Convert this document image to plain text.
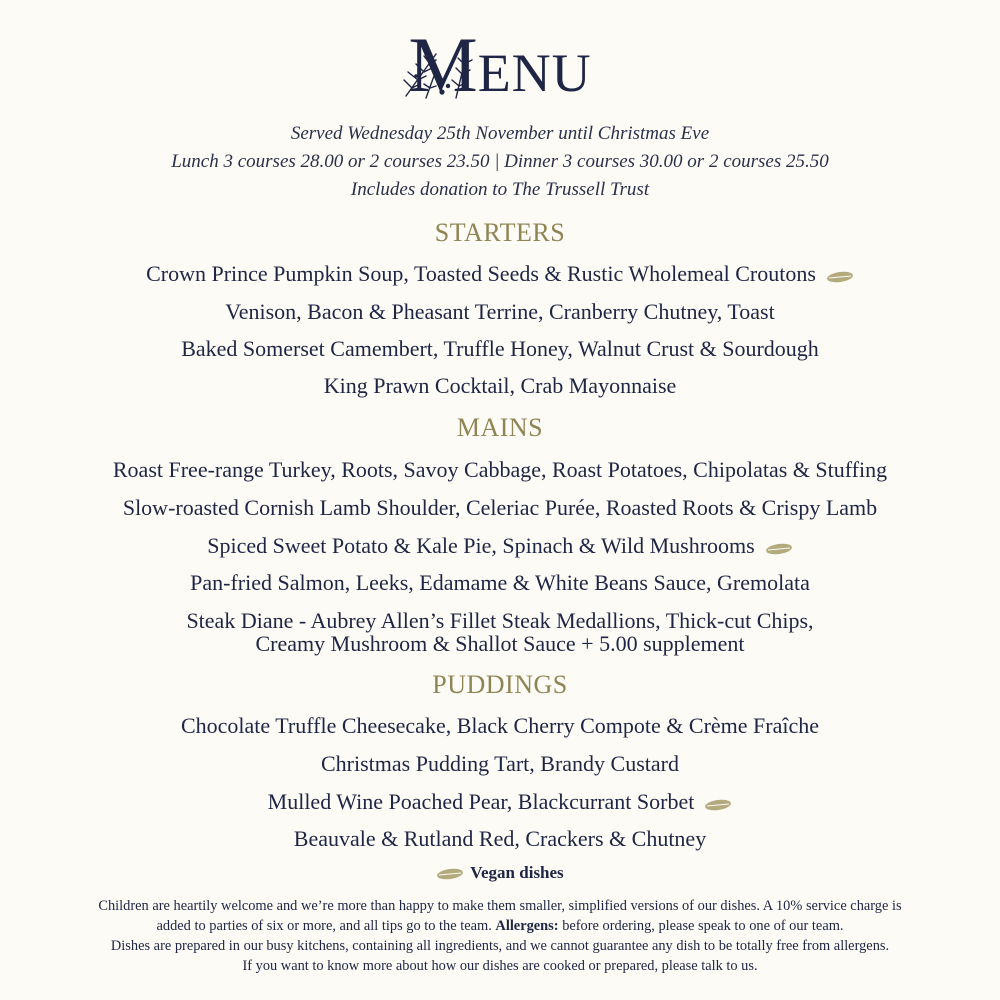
MENU
Served Wednesday 25th November until Christmas Eve
Lunch 3 courses 28.00 or 2 courses 23.50 | Dinner 3 courses 30.00 or 2 courses 25.50
Includes donation to The Trussell Trust
STARTERS
Crown Prince Pumpkin Soup, Toasted Seeds & Rustic Wholemeal Croutons
Venison, Bacon & Pheasant Terrine, Cranberry Chutney, Toast
Baked Somerset Camembert, Truffle Honey, Walnut Crust & Sourdough
King Prawn Cocktail, Crab Mayonnaise
MAINS
Roast Free-range Turkey, Roots, Savoy Cabbage, Roast Potatoes, Chipolatas & Stuffing
Slow-roasted Cornish Lamb Shoulder, Celeriac Purée, Roasted Roots & Crispy Lamb
Spiced Sweet Potato & Kale Pie, Spinach & Wild Mushrooms
Pan-fried Salmon, Leeks, Edamame & White Beans Sauce, Gremolata
Steak Diane - Aubrey Allen’s Fillet Steak Medallions, Thick-cut Chips,
Creamy Mushroom & Shallot Sauce + 5.00 supplement
PUDDINGS
Chocolate Truffle Cheesecake, Black Cherry Compote & Crème Fraîche
Christmas Pudding Tart, Brandy Custard
Mulled Wine Poached Pear, Blackcurrant Sorbet
Beauvale & Rutland Red, Crackers & Chutney
Vegan dishes
Children are heartily welcome and we’re more than happy to make them smaller, simplified versions of our dishes. A 10% service charge is
added to parties of six or more, and all tips go to the team. Allergens: before ordering, please speak to one of our team.
Dishes are prepared in our busy kitchens, containing all ingredients, and we cannot guarantee any dish to be totally free from allergens.
If you want to know more about how our dishes are cooked or prepared, please talk to us.
